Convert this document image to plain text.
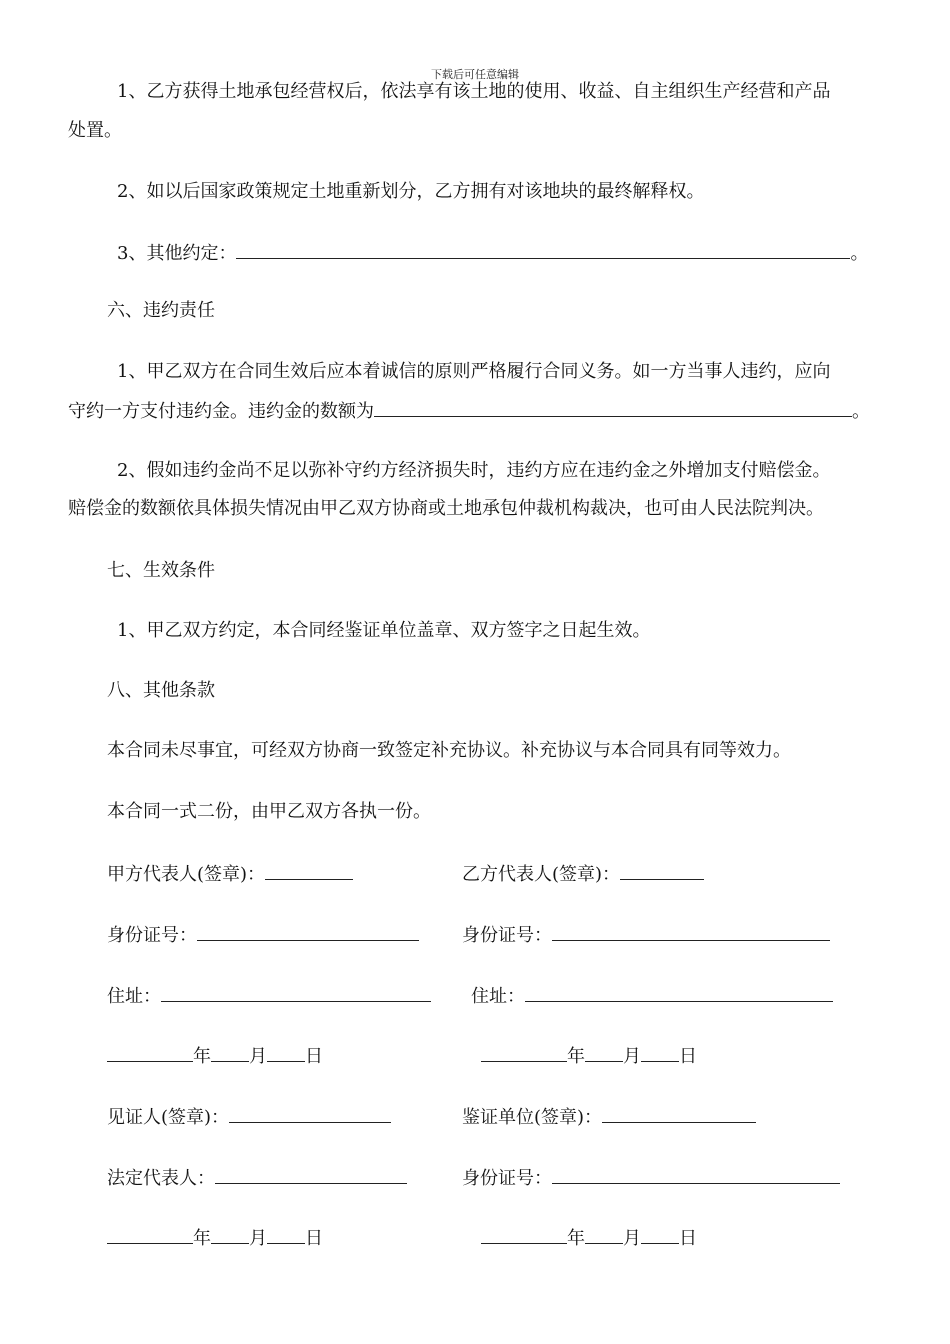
下载后可任意编辑
1、乙方获得土地承包经营权后，依法享有该土地的使用、收益、自主组织生产经营和产品
处置。
2、如以后国家政策规定土地重新划分，乙方拥有对该地块的最终解释权。
3、其他约定：	。
六、违约责任
1、甲乙双方在合同生效后应本着诚信的原则严格履行合同义务。如一方当事人违约，应向
守约一方支付违约金。违约金的数额为	。
2、假如违约金尚不足以弥补守约方经济损失时，违约方应在违约金之外增加支付赔偿金。
赔偿金的数额依具体损失情况由甲乙双方协商或土地承包仲裁机构裁决，也可由人民法院判决。
七、生效条件
1、甲乙双方约定，本合同经鉴证单位盖章、双方签字之日起生效。
八、其他条款
本合同未尽事宜，可经双方协商一致签定补充协议。补充协议与本合同具有同等效力。
本合同一式二份，由甲乙双方各执一份。
甲方代表人(签章)：	乙方代表人(签章)：
身份证号：	身份证号：
住址：	住址：
年 月 日	年 月 日
见证人(签章)：	鉴证单位(签章)：
法定代表人：	身份证号：
年 月 日	年 月 日
